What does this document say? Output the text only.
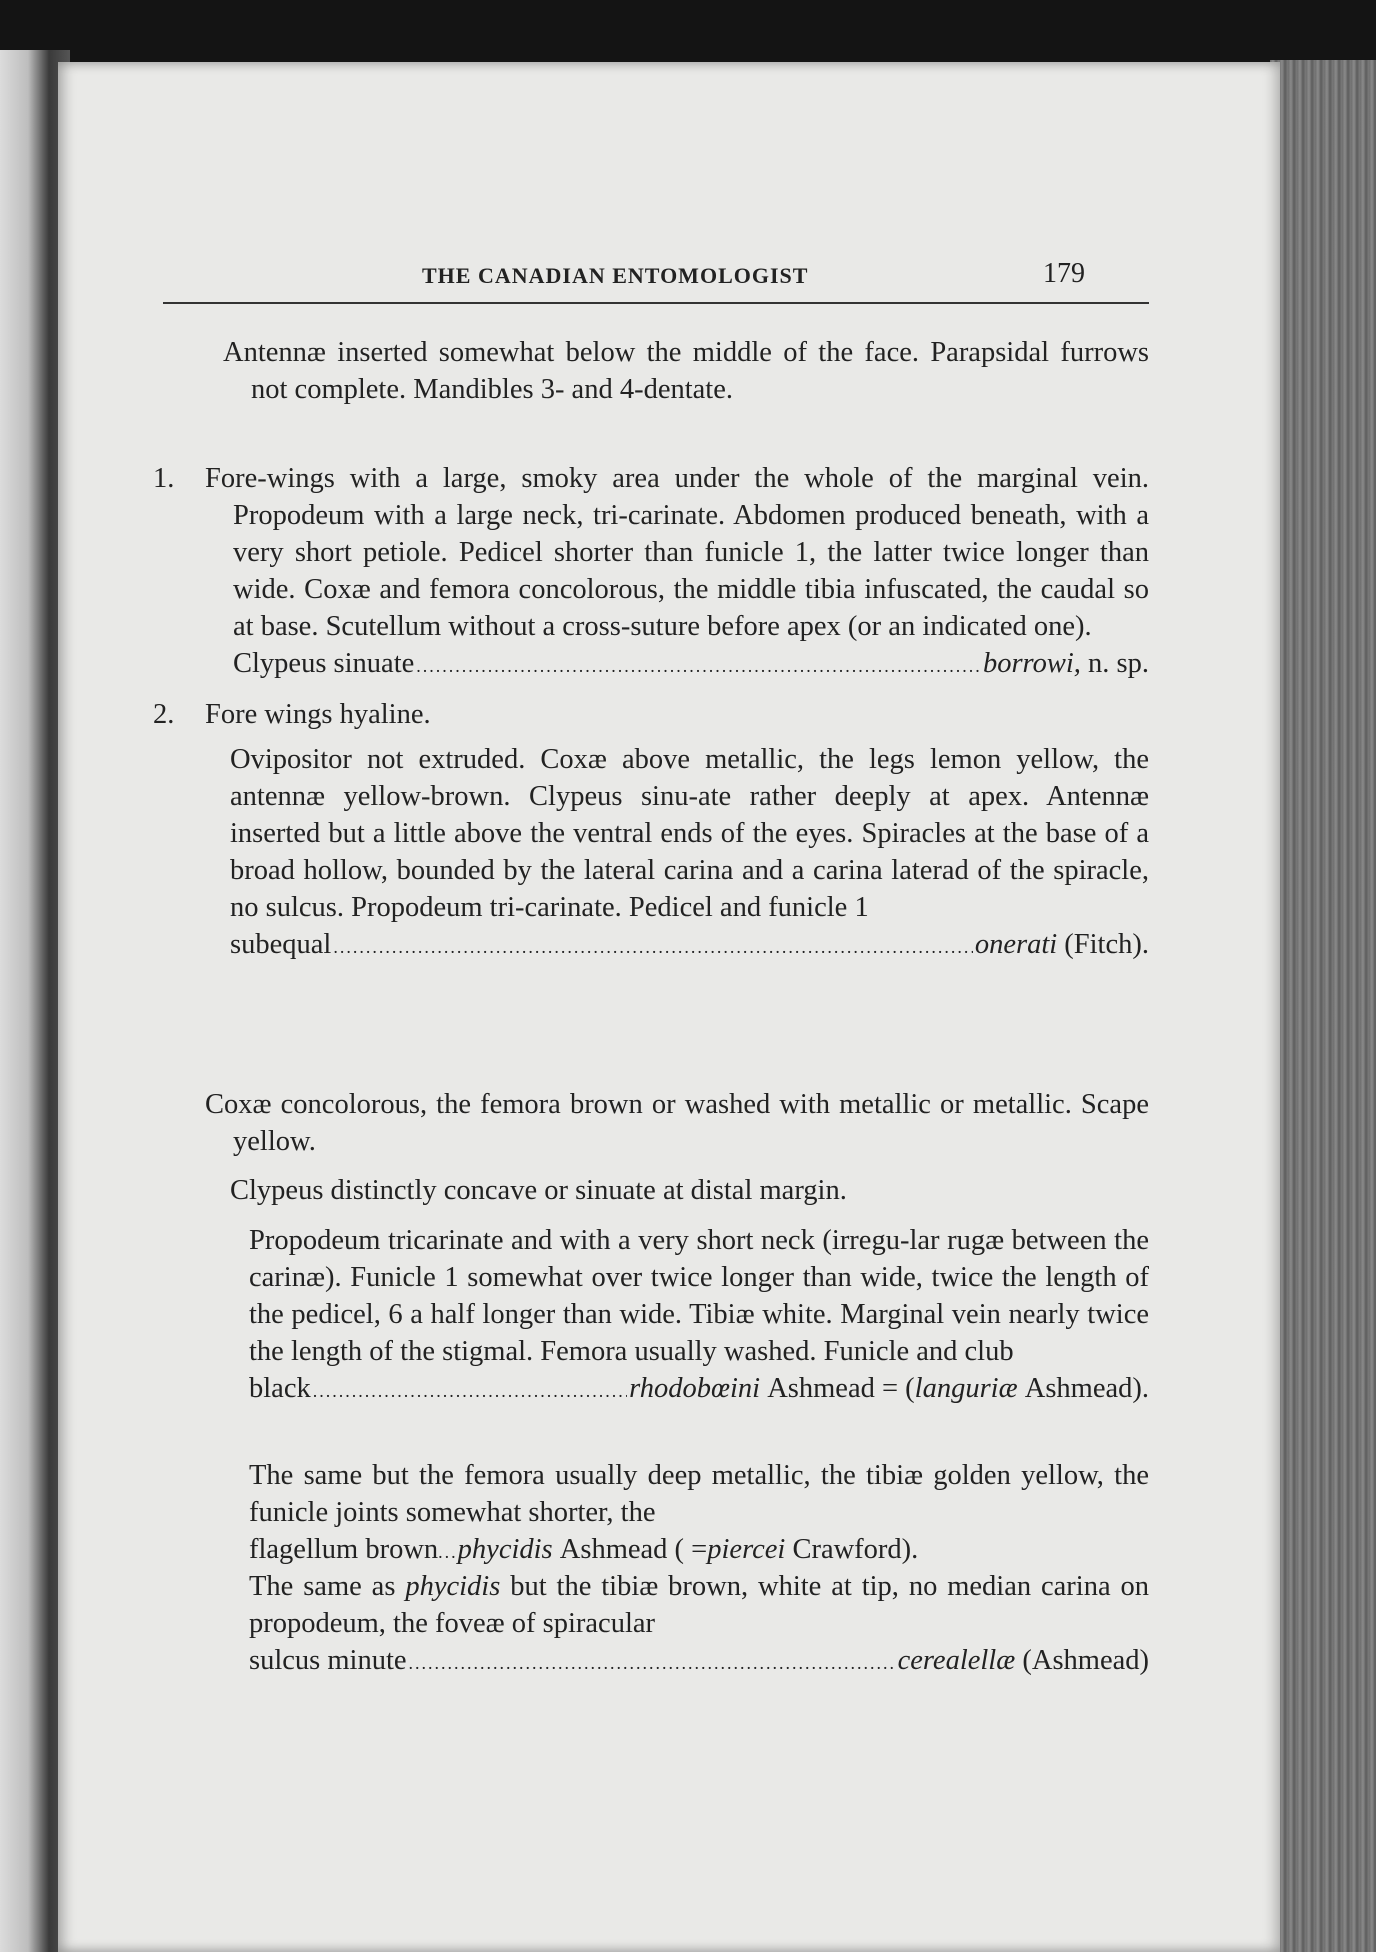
THE CANADIAN ENTOMOLOGIST	179
Antennæ inserted somewhat below the middle of the face. Parapsidal furrows not complete. Mandibles 3- and 4-dentate.
1. Fore-wings with a large, smoky area under the whole of the marginal vein. Propodeum with a large neck, tri-carinate. Abdomen produced beneath, with a very short petiole. Pedicel shorter than funicle 1, the latter twice longer than wide. Coxæ and femora concolorous, the middle tibia infuscated, the caudal so at base. Scutellum without a cross-suture before apex (or an indicated one).
Clypeus sinuate .....	borrowi,
n. sp.
2. Fore wings hyaline.
Ovipositor not extruded. Coxæ above metallic, the legs lemon yellow, the antennæ yellow-brown. Clypeus sinu-ate rather deeply at apex. Antennæ inserted but a little above the ventral ends of the eyes. Spiracles at the base of a broad hollow, bounded by the lateral carina and a carina laterad of the spiracle, no sulcus. Propodeum tri-carinate. Pedicel and funicle 1
subequal .....	onerati
(Fitch).
Coxæ concolorous, the femora brown or washed with metallic or metallic. Scape yellow.
Clypeus distinctly concave or sinuate at distal margin.
Propodeum tricarinate and with a very short neck (irregu-lar rugæ between the carinæ). Funicle 1 somewhat over twice longer than wide, twice the length of the pedicel, 6 a half longer than wide. Tibiæ white. Marginal vein nearly twice the length of the stigmal. Femora usually washed. Funicle and club
black .....	rhodobœini
Ashmead
= ( languriæ
Ashmead).
The same but the femora usually deep metallic, the tibiæ golden yellow, the funicle joints somewhat shorter, the
flagellum brown...phycidis Ashmead ( =piercei Crawford).
The same as phycidis but the tibiæ brown, white at tip, no median carina on propodeum, the foveæ of spiracular
sulcus minute .....	cerealellæ
(Ashmead)
